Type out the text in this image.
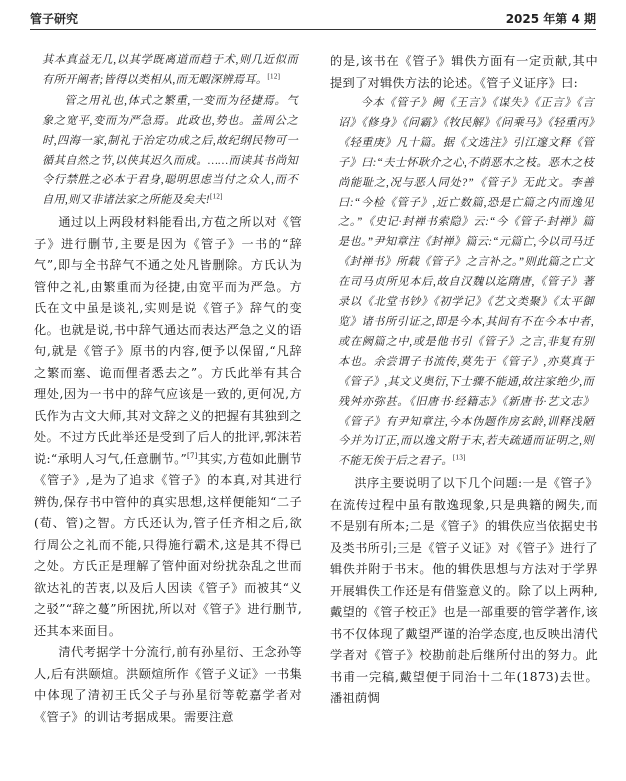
管子研究	2025 年第 4 期

其本真益无几,以其学既离道而趋于术,则几近似而有所开阐者;皆得以类相从,而无暇深辨焉耳。[12]

管之用礼也,体式之繁重,一变而为径捷焉。气象之宽平,变而为严急焉。此政也,势也。盖周公之时,四海一家,制礼于治定功成之后,故纪纲民物可一循其自然之节,以侠其迟久而成。……而读其书尚知令行禁胜之必本于君身,聪明思虑当付之众人,而不自用,则又非诸法家之所能及矣夫![12]

通过以上两段材料能看出,方苞之所以对《管子》进行删节,主要是因为《管子》一书的“辞气”,即与全书辞气不通之处凡皆删除。方氏认为管仲之礼,由繁重而为径捷,由宽平而为严急。方氏在文中虽是谈礼,实则是说《管子》辞气的变化。也就是说,书中辞气通达而表达严急之义的语句,就是《管子》原书的内容,便予以保留,“凡辞之繁而塞、诡而俚者悉去之”。方氏此举有其合理处,因为一书中的辞气应该是一致的,更何况,方氏作为古文大师,其对文辞之义的把握有其独到之处。不过方氏此举还是受到了后人的批评,郭沫若说:“承明人习气,任意删节。”[7]其实,方苞如此删节《管子》,是为了追求《管子》的本真,对其进行辨伪,保存书中管仲的真实思想,这样便能知“二子(荀、管)之智。方氏还认为,管子任齐相之后,欲行周公之礼而不能,只得施行霸术,这是其不得已之处。方氏正是理解了管仲面对纷扰杂乱之世而欲达礼的苦衷,以及后人因读《管子》而被其“义之驳”“辞之蔓”所困扰,所以对《管子》进行删节,还其本来面目。

清代考据学十分流行,前有孙星衍、王念孙等人,后有洪颐煊。洪颐煊所作《管子义证》一书集中体现了清初王氏父子与孙星衍等乾嘉学者对《管子》的训诂考据成果。需要注意

的是,该书在《管子》辑佚方面有一定贡献,其中提到了对辑佚方法的论述。《管子义证序》曰:

今本《管子》阙《王言》《谋失》《正言》《言诏》《修身》《问霸》《牧民解》《问乘马》《轻重丙》《轻重庚》凡十篇。据《文选注》引江邃文释《管子》曰:“夫士怀耿介之心,不荫恶木之枝。恶木之枝尚能耻之,况与恶人同处?”《管子》无此文。李善曰:“今检《管子》,近亡数篇,恐是亡篇之内而逸见之。”《史记·封禅书索隐》云:“今《管子·封禅》篇是也。”尹知章注《封禅》篇云:“元篇亡,今以司马迁《封禅书》所载《管子》之言补之。”则此篇之亡文在司马贞所见本后,故自汉魏以迄隋唐,《管子》著录以《北堂书钞》《初学记》《艺文类聚》《太平御览》诸书所引证之,即是今本,其间有不在今本中者,或在阙篇之中,或是他书引《管子》之言,非复有别本也。余尝谓子书流传,莫先于《管子》,亦莫真于《管子》,其文义奥衍,下士骤不能通,故注家绝少,而残舛亦弥甚。《旧唐书·经籍志》《新唐书·艺文志》《管子》有尹知章注,今本伪题作房玄龄,训释浅陋今并为订正,而以逸文附于末,若夫疏通而证明之,则不能无俟于后之君子。[13]

洪序主要说明了以下几个问题:一是《管子》在流传过程中虽有散逸现象,只是典籍的阙失,而不是别有所本;二是《管子》的辑佚应当依据史书及类书所引;三是《管子义证》对《管子》进行了辑佚并附于书末。他的辑佚思想与方法对于学界开展辑佚工作还是有借鉴意义的。除了以上两种,戴望的《管子校正》也是一部重要的管学著作,该书不仅体现了戴望严谨的治学态度,也反映出清代学者对《管子》校勘前赴后继所付出的努力。此书甫一完稿,戴望便于同治十二年(1873)去世。潘祖荫惆
